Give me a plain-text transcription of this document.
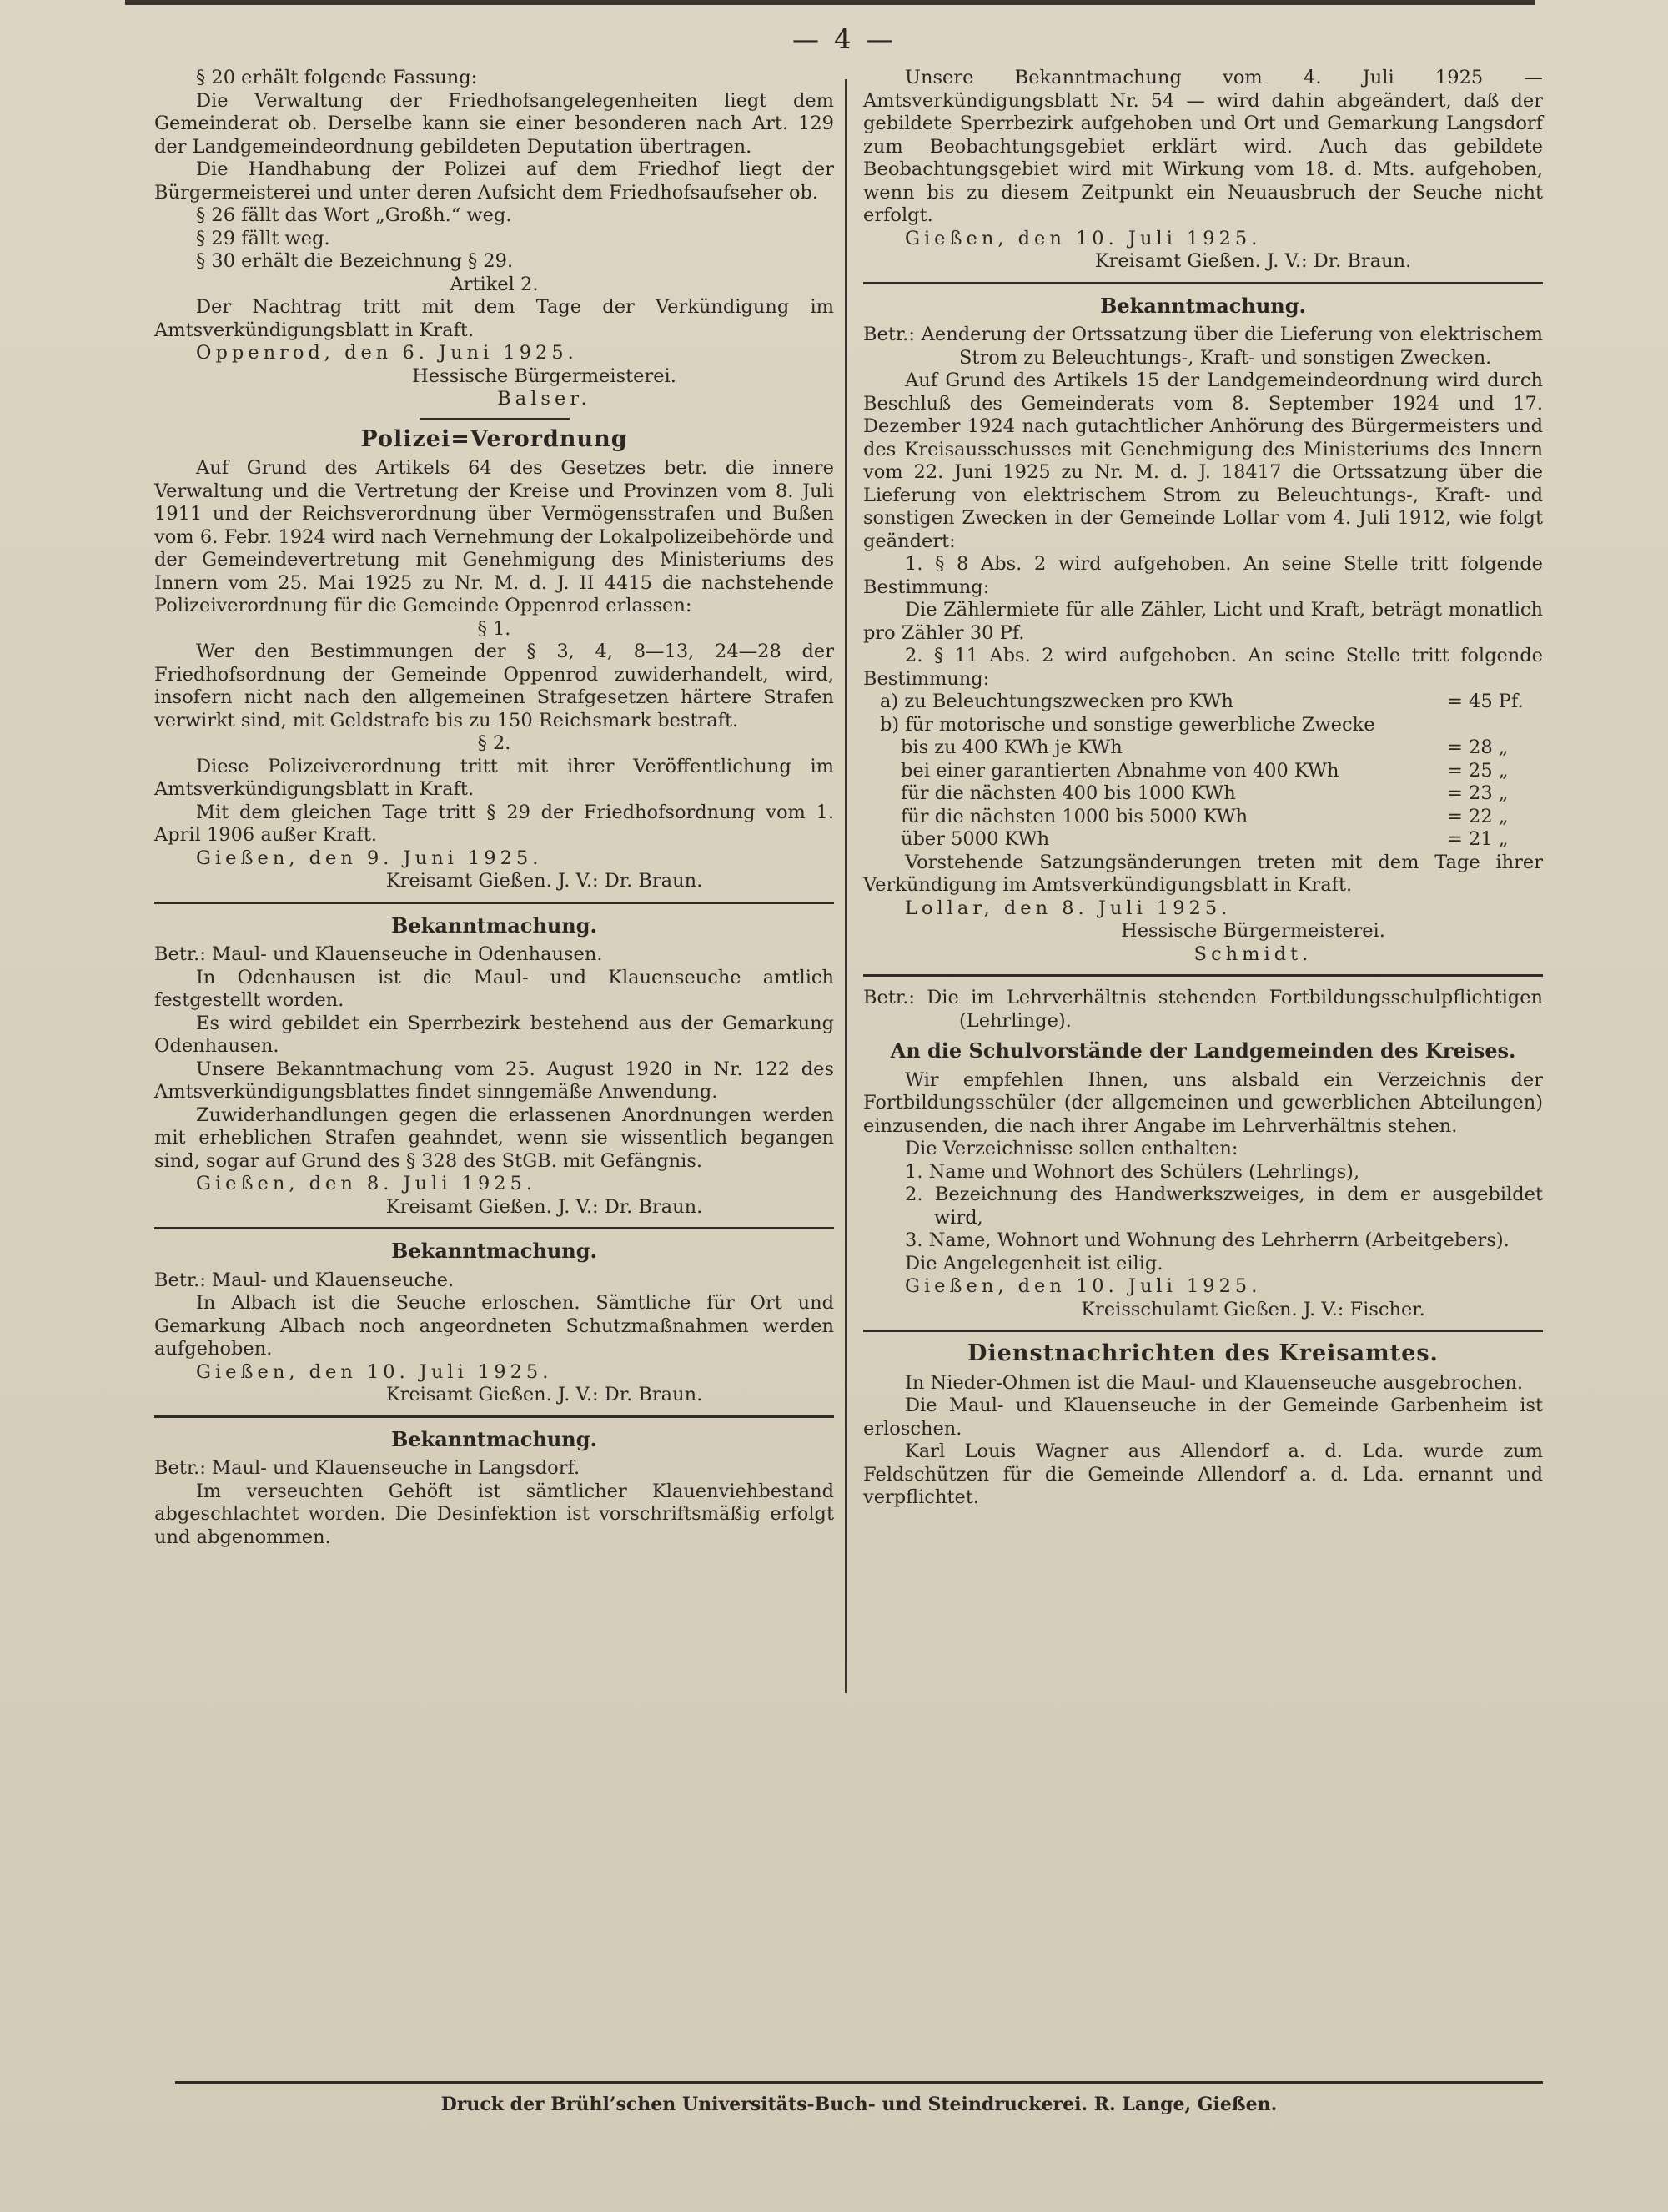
— 4 —

§ 20 erhält folgende Fassung:

Die Verwaltung der Friedhofsangelegenheiten liegt dem Gemeinderat ob. Derselbe kann sie einer besonderen nach Art. 129 der Landgemeindeordnung gebildeten Deputation übertragen.

Die Handhabung der Polizei auf dem Friedhof liegt der Bürgermeisterei und unter deren Aufsicht dem Friedhofsaufseher ob.

§ 26 fällt das Wort „Großh.“ weg.

§ 29 fällt weg.

§ 30 erhält die Bezeichnung § 29.

Artikel 2.

Der Nachtrag tritt mit dem Tage der Verkündigung im Amtsverkündigungsblatt in Kraft.

Oppenrod, den 6. Juni 1925.

Hessische Bürgermeisterei.

Balser.

Polizei=Verordnung

Auf Grund des Artikels 64 des Gesetzes betr. die innere Verwaltung und die Vertretung der Kreise und Provinzen vom 8. Juli 1911 und der Reichsverordnung über Vermögensstrafen und Bußen vom 6. Febr. 1924 wird nach Vernehmung der Lokalpolizeibehörde und der Gemeindevertretung mit Genehmigung des Ministeriums des Innern vom 25. Mai 1925 zu Nr. M. d. J. II 4415 die nachstehende Polizeiverordnung für die Gemeinde Oppenrod erlassen:

§ 1.

Wer den Bestimmungen der § 3, 4, 8—13, 24—28 der Friedhofsordnung der Gemeinde Oppenrod zuwiderhandelt, wird, insofern nicht nach den allgemeinen Strafgesetzen härtere Strafen verwirkt sind, mit Geldstrafe bis zu 150 Reichsmark bestraft.

§ 2.

Diese Polizeiverordnung tritt mit ihrer Veröffentlichung im Amtsverkündigungsblatt in Kraft.

Mit dem gleichen Tage tritt § 29 der Friedhofsordnung vom 1. April 1906 außer Kraft.

Gießen, den 9. Juni 1925.

Kreisamt Gießen. J. V.: Dr. Braun.

Bekanntmachung.

Betr.: Maul- und Klauenseuche in Odenhausen.

In Odenhausen ist die Maul- und Klauenseuche amtlich festgestellt worden.

Es wird gebildet ein Sperrbezirk bestehend aus der Gemarkung Odenhausen.

Unsere Bekanntmachung vom 25. August 1920 in Nr. 122 des Amtsverkündigungsblattes findet sinngemäße Anwendung.

Zuwiderhandlungen gegen die erlassenen Anordnungen werden mit erheblichen Strafen geahndet, wenn sie wissentlich begangen sind, sogar auf Grund des § 328 des StGB. mit Gefängnis.

Gießen, den 8. Juli 1925.

Kreisamt Gießen. J. V.: Dr. Braun.

Bekanntmachung.

Betr.: Maul- und Klauenseuche.

In Albach ist die Seuche erloschen. Sämtliche für Ort und Gemarkung Albach noch angeordneten Schutzmaßnahmen werden aufgehoben.

Gießen, den 10. Juli 1925.

Kreisamt Gießen. J. V.: Dr. Braun.

Bekanntmachung.

Betr.: Maul- und Klauenseuche in Langsdorf.

Im verseuchten Gehöft ist sämtlicher Klauenviehbestand abgeschlachtet worden. Die Desinfektion ist vorschriftsmäßig erfolgt und abgenommen.

Unsere Bekanntmachung vom 4. Juli 1925 — Amtsverkündigungsblatt Nr. 54 — wird dahin abgeändert, daß der gebildete Sperrbezirk aufgehoben und Ort und Gemarkung Langsdorf zum Beobachtungsgebiet erklärt wird. Auch das gebildete Beobachtungsgebiet wird mit Wirkung vom 18. d. Mts. aufgehoben, wenn bis zu diesem Zeitpunkt ein Neuausbruch der Seuche nicht erfolgt.

Gießen, den 10. Juli 1925.

Kreisamt Gießen. J. V.: Dr. Braun.

Bekanntmachung.

Betr.: Aenderung der Ortssatzung über die Lieferung von elektrischem Strom zu Beleuchtungs-, Kraft- und sonstigen Zwecken.

Auf Grund des Artikels 15 der Landgemeindeordnung wird durch Beschluß des Gemeinderats vom 8. September 1924 und 17. Dezember 1924 nach gutachtlicher Anhörung des Bürgermeisters und des Kreisausschusses mit Genehmigung des Ministeriums des Innern vom 22. Juni 1925 zu Nr. M. d. J. 18417 die Ortssatzung über die Lieferung von elektrischem Strom zu Beleuchtungs-, Kraft- und sonstigen Zwecken in der Gemeinde Lollar vom 4. Juli 1912, wie folgt geändert:

1. § 8 Abs. 2 wird aufgehoben. An seine Stelle tritt folgende Bestimmung:

Die Zählermiete für alle Zähler, Licht und Kraft, beträgt monatlich pro Zähler 30 Pf.

2. § 11 Abs. 2 wird aufgehoben. An seine Stelle tritt folgende Bestimmung:

a) zu Beleuchtungszwecken pro KWh	= 45 Pf.
b) für motorische und sonstige gewerbliche Zwecke
bis zu 400 KWh je KWh	= 28 „
bei einer garantierten Abnahme von 400 KWh	= 25 „
für die nächsten 400 bis 1000 KWh	= 23 „
für die nächsten 1000 bis 5000 KWh	= 22 „
über 5000 KWh	= 21 „

Vorstehende Satzungsänderungen treten mit dem Tage ihrer Verkündigung im Amtsverkündigungsblatt in Kraft.

Lollar, den 8. Juli 1925.

Hessische Bürgermeisterei.

Schmidt.

Betr.: Die im Lehrverhältnis stehenden Fortbildungsschulpflichtigen (Lehrlinge).

An die Schulvorstände der Landgemeinden des Kreises.

Wir empfehlen Ihnen, uns alsbald ein Verzeichnis der Fortbildungsschüler (der allgemeinen und gewerblichen Abteilungen) einzusenden, die nach ihrer Angabe im Lehrverhältnis stehen.

Die Verzeichnisse sollen enthalten:

1. Name und Wohnort des Schülers (Lehrlings),

2. Bezeichnung des Handwerkszweiges, in dem er ausgebildet wird,

3. Name, Wohnort und Wohnung des Lehrherrn (Arbeitgebers).

Die Angelegenheit ist eilig.

Gießen, den 10. Juli 1925.

Kreisschulamt Gießen. J. V.: Fischer.

Dienstnachrichten des Kreisamtes.

In Nieder-Ohmen ist die Maul- und Klauenseuche ausgebrochen.

Die Maul- und Klauenseuche in der Gemeinde Garbenheim ist erloschen.

Karl Louis Wagner aus Allendorf a. d. Lda. wurde zum Feldschützen für die Gemeinde Allendorf a. d. Lda. ernannt und verpflichtet.

Druck der Brühl’schen Universitäts-Buch- und Steindruckerei. R. Lange, Gießen.
